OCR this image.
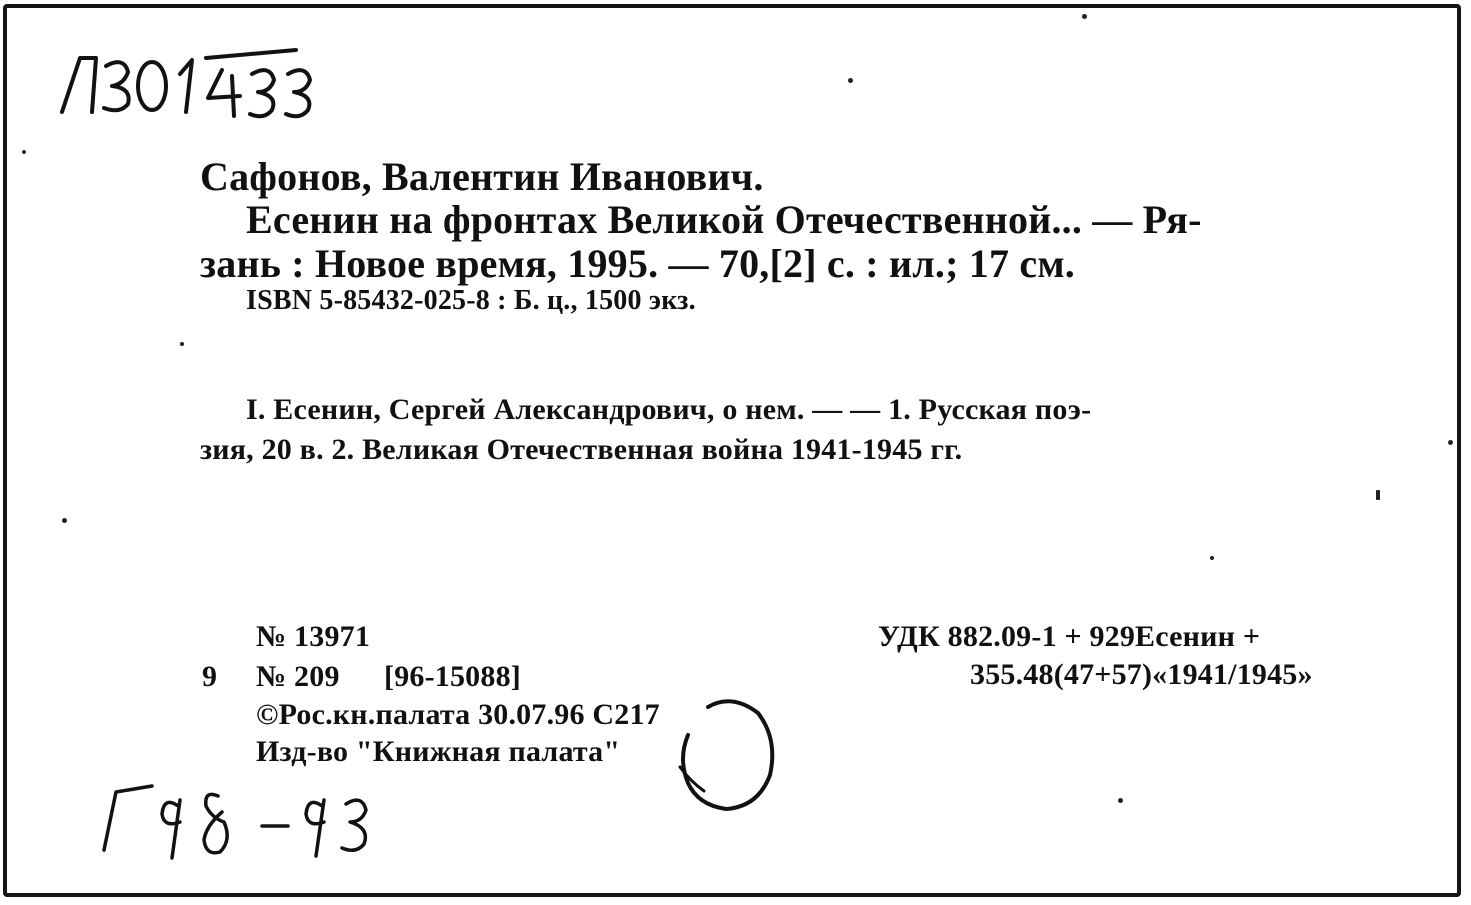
Сафонов, Валентин Иванович.
Есенин на фронтах Великой Отечественной... — Ря-
зань : Новое время, 1995. — 70,[2] с. : ил.; 17 см.
ISBN 5-85432-025-8 : Б. ц., 1500 экз.
I. Есенин, Сергей Александрович, о нем. — — 1. Русская поэ-
зия, 20 в. 2. Великая Отечественная война 1941-1945 гг.
№ 13971
9 № 209 [96-15088]
©Рос.кн.палата 30.07.96 С217
Изд-во "Книжная палата"
УДК 882.09-1 + 929Есенин +
355.48(47+57)«1941/1945»
